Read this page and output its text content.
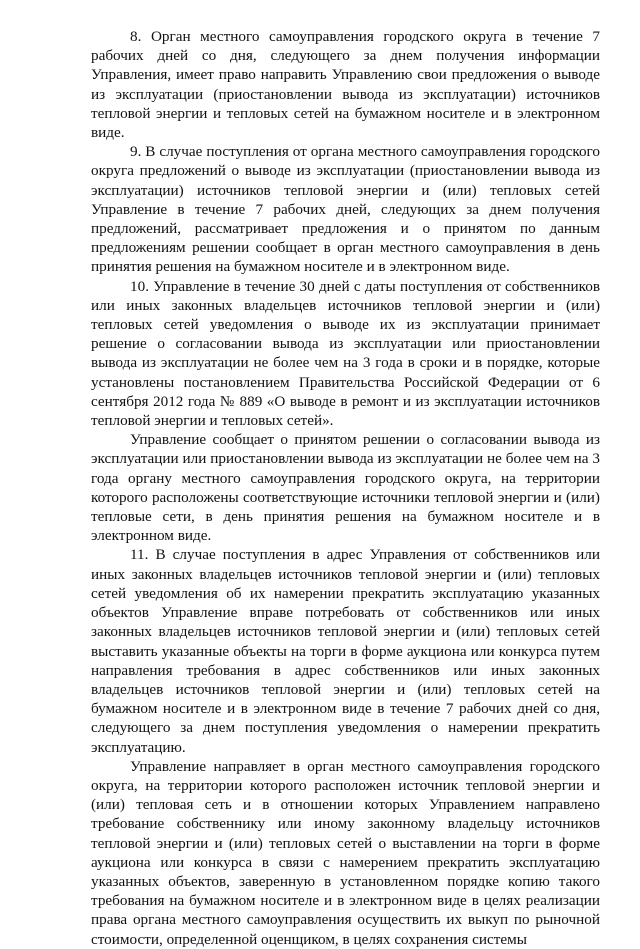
8. Орган местного самоуправления городского округа в течение 7 рабочих дней со дня, следующего за днем получения информации Управления, имеет право направить Управлению свои предложения о выводе из эксплуатации (приостановлении вывода из эксплуатации) источников тепловой энергии и тепловых сетей на бумажном носителе и в электронном виде.

9. В случае поступления от органа местного самоуправления городского округа предложений о выводе из эксплуатации (приостановлении вывода из эксплуатации) источников тепловой энергии и (или) тепловых сетей Управление в течение 7 рабочих дней, следующих за днем получения предложений, рассматривает предложения и о принятом по данным предложениям решении сообщает в орган местного самоуправления в день принятия решения на бумажном носителе и в электронном виде.

10. Управление в течение 30 дней с даты поступления от собственников или иных законных владельцев источников тепловой энергии и (или) тепловых сетей уведомления о выводе их из эксплуатации принимает решение о согласовании вывода из эксплуатации или приостановлении вывода из эксплуатации не более чем на 3 года в сроки и в порядке, которые установлены постановлением Правительства Российской Федерации от 6 сентября 2012 года № 889 «О выводе в ремонт и из эксплуатации источников тепловой энергии и тепловых сетей».

Управление сообщает о принятом решении о согласовании вывода из эксплуатации или приостановлении вывода из эксплуатации не более чем на 3 года органу местного самоуправления городского округа, на территории которого расположены соответствующие источники тепловой энергии и (или) тепловые сети, в день принятия решения на бумажном носителе и в электронном виде.

11. В случае поступления в адрес Управления от собственников или иных законных владельцев источников тепловой энергии и (или) тепловых сетей уведомления об их намерении прекратить эксплуатацию указанных объектов Управление вправе потребовать от собственников или иных законных владельцев источников тепловой энергии и (или) тепловых сетей выставить указанные объекты на торги в форме аукциона или конкурса путем направления требования в адрес собственников или иных законных владельцев источников тепловой энергии и (или) тепловых сетей на бумажном носителе и в электронном виде в течение 7 рабочих дней со дня, следующего за днем поступления уведомления о намерении прекратить эксплуатацию.

Управление направляет в орган местного самоуправления городского округа, на территории которого расположен источник тепловой энергии и (или) тепловая сеть и в отношении которых Управлением направлено требование собственнику или иному законному владельцу источников тепловой энергии и (или) тепловых сетей о выставлении на торги в форме аукциона или конкурса в связи с намерением прекратить эксплуатацию указанных объектов, заверенную в установленном порядке копию такого требования на бумажном носителе и в электронном виде в целях реализации права органа местного самоуправления осуществить их выкуп по рыночной стоимости, определенной оценщиком, в целях сохранения системы
